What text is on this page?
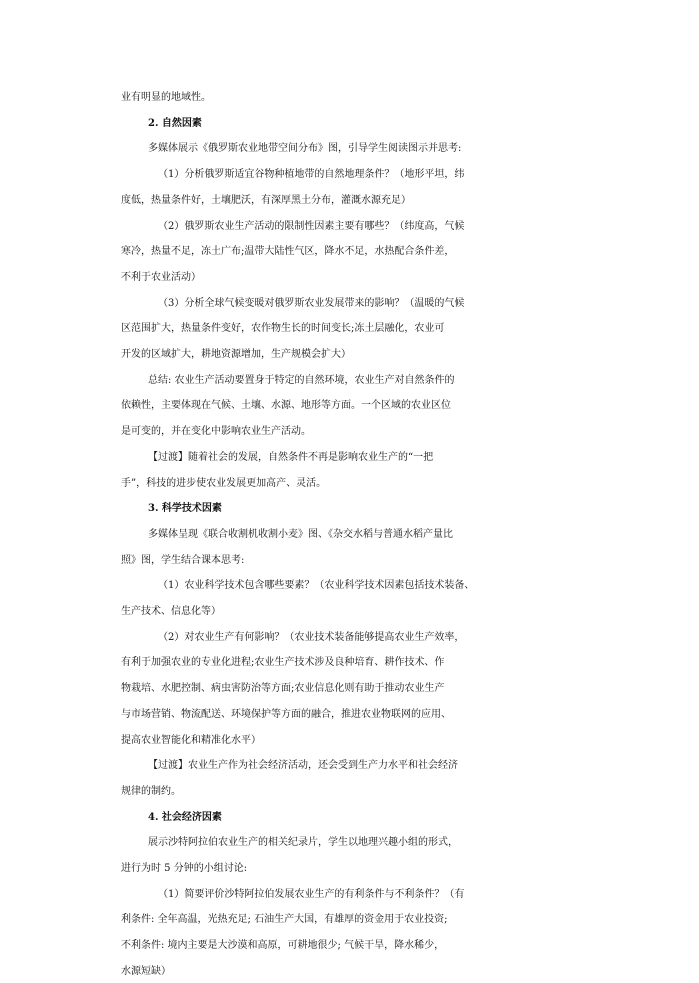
业有明显的地域性。
2. 自然因素
多媒体展示《俄罗斯农业地带空间分布》图，引导学生阅读图示并思考:
（1）分析俄罗斯适宜谷物种植地带的自然地理条件？（地形平坦，纬
度低，热量条件好，土壤肥沃，有深厚黑土分布，灌溉水源充足）
（2）俄罗斯农业生产活动的限制性因素主要有哪些？（纬度高，气候
寒冷，热量不足，冻土广布;温带大陆性气区，降水不足，水热配合条件差，
不利于农业活动）
（3）分析全球气候变暖对俄罗斯农业发展带来的影响？（温暖的气候
区范围扩大，热量条件变好，农作物生长的时间变长;冻土层融化，农业可
开发的区域扩大，耕地资源增加，生产规模会扩大）
总结: 农业生产活动要置身于特定的自然环境，农业生产对自然条件的
依赖性，主要体现在气候、土壤、水源、地形等方面。一个区域的农业区位
是可变的，并在变化中影响农业生产活动。
【过渡】随着社会的发展，自然条件不再是影响农业生产的“一把
手”，科技的进步使农业发展更加高产、灵活。
3. 科学技术因素
多媒体呈现《联合收割机收割小麦》图、《杂交水稻与普通水稻产量比
照》图，学生结合课本思考:
（1）农业科学技术包含哪些要素？（农业科学技术因素包括技术装备、
生产技术、信息化等）
（2）对农业生产有何影响？（农业技术装备能够提高农业生产效率，
有利于加强农业的专业化进程;农业生产技术涉及良种培育、耕作技术、作
物栽培、水肥控制、病虫害防治等方面;农业信息化则有助于推动农业生产
与市场营销、物流配送、环境保护等方面的融合，推进农业物联网的应用、
提高农业智能化和精准化水平）
【过渡】农业生产作为社会经济活动，还会受到生产力水平和社会经济
规律的制约。
4. 社会经济因素
展示沙特阿拉伯农业生产的相关纪录片，学生以地理兴趣小组的形式，
进行为时 5 分钟的小组讨论:
（1）简要评价沙特阿拉伯发展农业生产的有利条件与不利条件？（有
利条件: 全年高温，光热充足; 石油生产大国，有雄厚的资金用于农业投资;
不利条件: 境内主要是大沙漠和高原，可耕地很少; 气候干旱，降水稀少，
水源短缺）
